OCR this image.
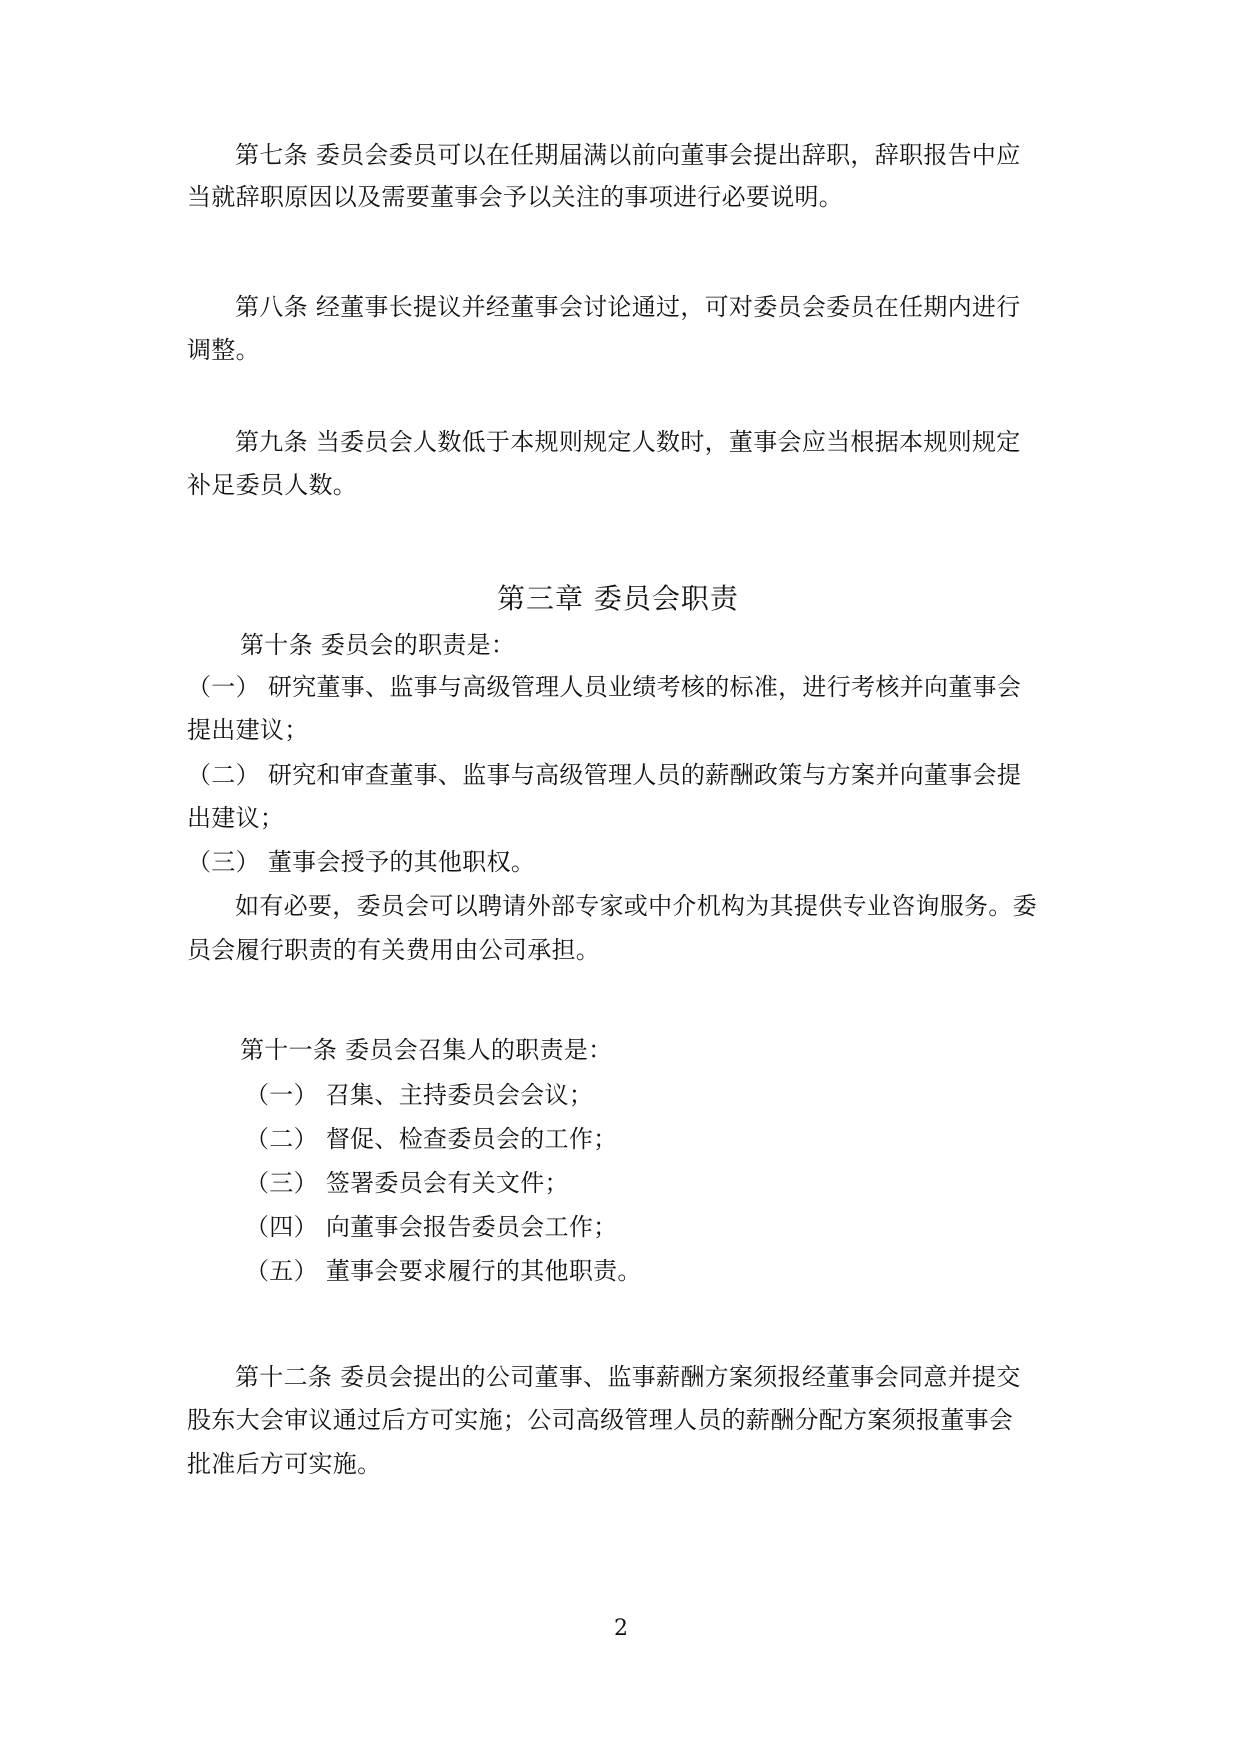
第七条 委员会委员可以在任期届满以前向董事会提出辞职，辞职报告中应
当就辞职原因以及需要董事会予以关注的事项进行必要说明。
第八条 经董事长提议并经董事会讨论通过，可对委员会委员在任期内进行
调整。
第九条 当委员会人数低于本规则规定人数时，董事会应当根据本规则规定
补足委员人数。
第三章 委员会职责
第十条 委员会的职责是：
（一） 研究董事、监事与高级管理人员业绩考核的标准，进行考核并向董事会
提出建议；
（二） 研究和审查董事、监事与高级管理人员的薪酬政策与方案并向董事会提
出建议；
（三） 董事会授予的其他职权。
如有必要，委员会可以聘请外部专家或中介机构为其提供专业咨询服务。委
员会履行职责的有关费用由公司承担。
第十一条 委员会召集人的职责是：
（一） 召集、主持委员会会议；
（二） 督促、检查委员会的工作；
（三） 签署委员会有关文件；
（四） 向董事会报告委员会工作；
（五） 董事会要求履行的其他职责。
第十二条 委员会提出的公司董事、监事薪酬方案须报经董事会同意并提交
股东大会审议通过后方可实施；公司高级管理人员的薪酬分配方案须报董事会
批准后方可实施。
2
